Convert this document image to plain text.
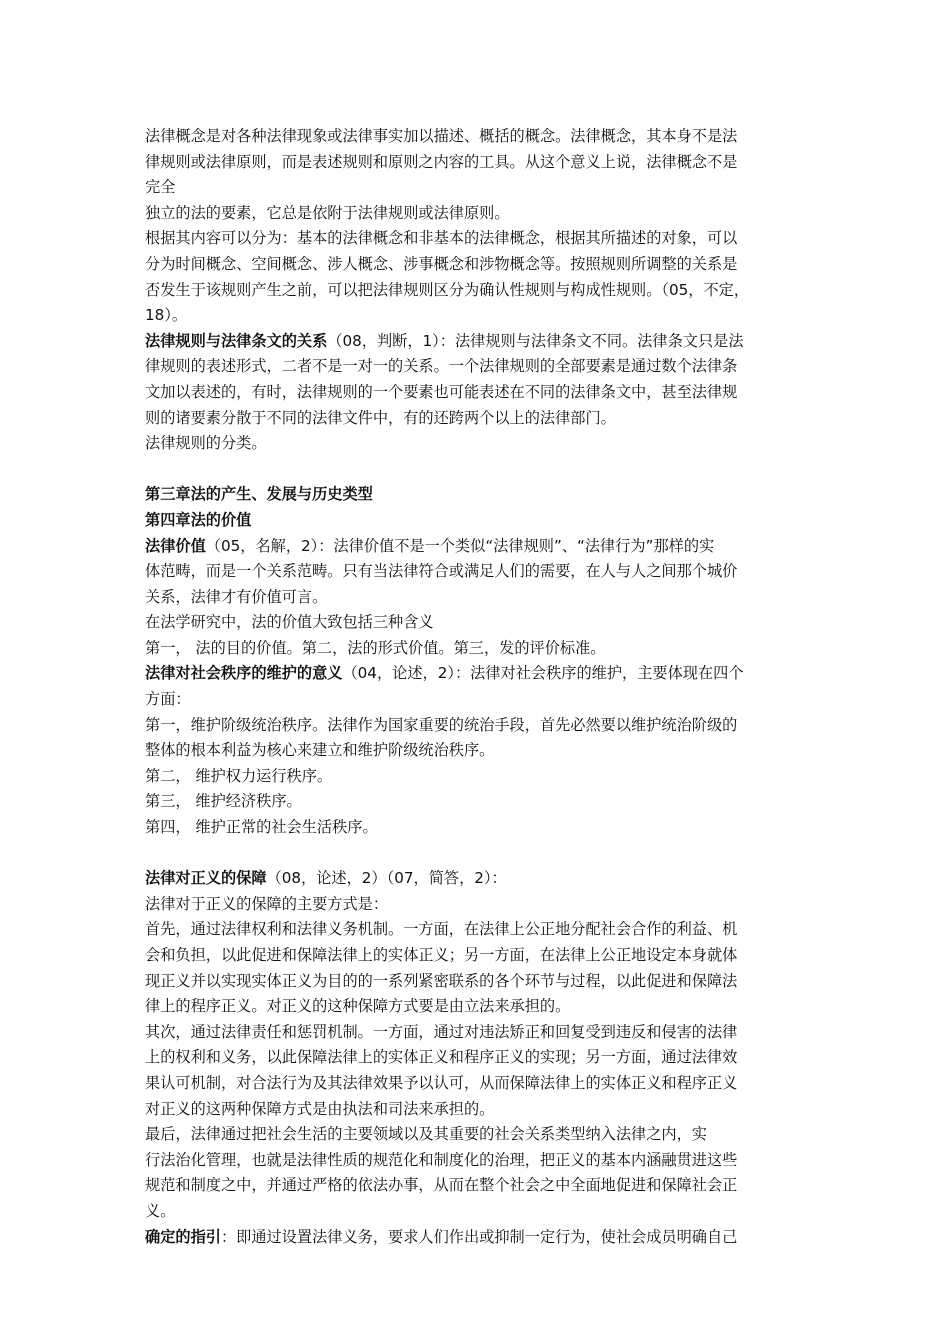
法律概念是对各种法律现象或法律事实加以描述、概括的概念。法律概念，其本身不是法
律规则或法律原则，而是表述规则和原则之内容的工具。从这个意义上说，法律概念不是
完全
独立的法的要素，它总是依附于法律规则或法律原则。
根据其内容可以分为：基本的法律概念和非基本的法律概念，根据其所描述的对象，可以
分为时间概念、空间概念、涉人概念、涉事概念和涉物概念等。按照规则所调整的关系是
否发生于该规则产生之前，可以把法律规则区分为确认性规则与构成性规则。（05，不定，
18）。
法律规则与法律条文的关系（08，判断，1）：法律规则与法律条文不同。法律条文只是法
律规则的表述形式，二者不是一对一的关系。一个法律规则的全部要素是通过数个法律条
文加以表述的，有时，法律规则的一个要素也可能表述在不同的法律条文中，甚至法律规
则的诸要素分散于不同的法律文件中，有的还跨两个以上的法律部门。
法律规则的分类。
第三章法的产生、发展与历史类型
第四章法的价值
法律价值（05，名解，2）：法律价值不是一个类似“法律规则”、“法律行为”那样的实
体范畴，而是一个关系范畴。只有当法律符合或满足人们的需要，在人与人之间那个城价
关系，法律才有价值可言。
在法学研究中，法的价值大致包括三种含义
第一， 法的目的价值。第二，法的形式价值。第三，发的评价标准。
法律对社会秩序的维护的意义（04，论述，2）：法律对社会秩序的维护，主要体现在四个
方面：
第一，维护阶级统治秩序。法律作为国家重要的统治手段，首先必然要以维护统治阶级的
整体的根本利益为核心来建立和维护阶级统治秩序。
第二， 维护权力运行秩序。
第三， 维护经济秩序。
第四， 维护正常的社会生活秩序。
法律对正义的保障（08，论述，2）（07，简答，2）：
法律对于正义的保障的主要方式是：
首先，通过法律权利和法律义务机制。一方面，在法律上公正地分配社会合作的利益、机
会和负担，以此促进和保障法律上的实体正义；另一方面，在法律上公正地设定本身就体
现正义并以实现实体正义为目的的一系列紧密联系的各个环节与过程，以此促进和保障法
律上的程序正义。对正义的这种保障方式要是由立法来承担的。
其次，通过法律责任和惩罚机制。一方面，通过对违法矫正和回复受到违反和侵害的法律
上的权利和义务，以此保障法律上的实体正义和程序正义的实现；另一方面，通过法律效
果认可机制，对合法行为及其法律效果予以认可，从而保障法律上的实体正义和程序正义
对正义的这两种保障方式是由执法和司法来承担的。
最后，法律通过把社会生活的主要领域以及其重要的社会关系类型纳入法律之内，实
行法治化管理，也就是法律性质的规范化和制度化的治理，把正义的基本内涵融贯进这些
规范和制度之中，并通过严格的依法办事，从而在整个社会之中全面地促进和保障社会正
义。
确定的指引：即通过设置法律义务，要求人们作出或抑制一定行为，使社会成员明确自己
